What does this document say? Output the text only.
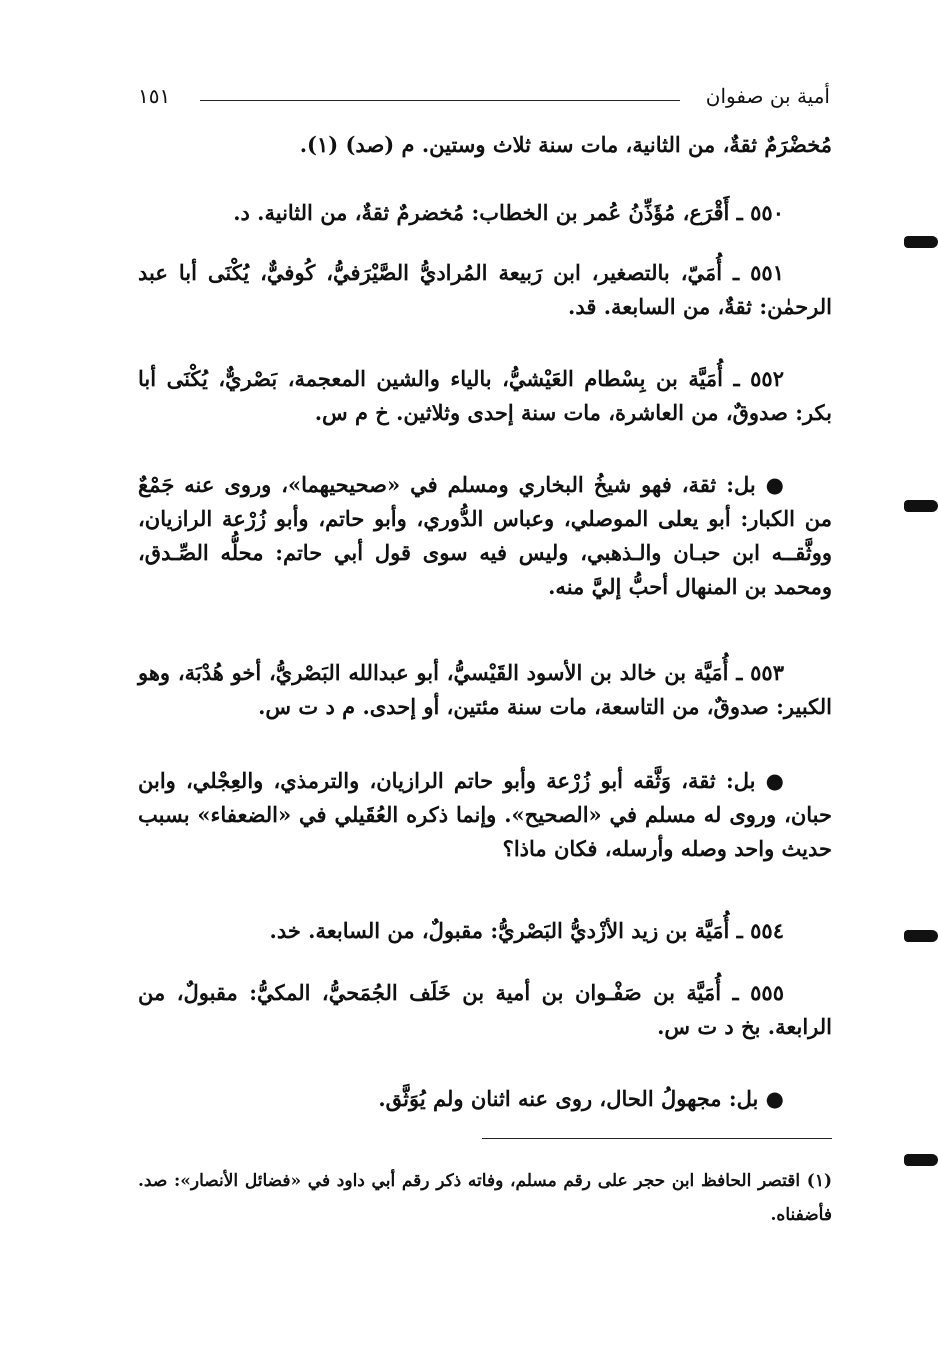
أمية بن صفوان
١٥١
مُخضْرَمٌ ثقةٌ، من الثانية، مات سنة ثلاث وستين. م (صد) (١).
٥٥٠ ـ أَقْرَع، مُؤَذِّنُ عُمر بن الخطاب: مُخضرمٌ ثقةٌ، من الثانية. د.
٥٥١ ـ أُمَيّ، بالتصغير، ابن رَبيعة المُراديُّ الصَّيْرَفيُّ، كُوفيٌّ، يُكْنَى أبا عبد الرحمٰن: ثقةٌ، من السابعة. قد.
٥٥٢ ـ أُمَيَّة بن بِسْطام العَيْشيُّ، بالياء والشين المعجمة، بَصْريٌّ، يُكْنَى أبا بكر: صدوقٌ، من العاشرة، مات سنة إحدى وثلاثين. خ م س.
● بل: ثقة، فهو شيخُ البخاري ومسلم في «صحيحيهما»، وروى عنه جَمْعٌ من الكبار: أبو يعلى الموصلي، وعباس الدُّوري، وأبو حاتم، وأبو زُرْعة الرازيان، ووثَّقــه ابن حبـان والـذهبي، وليس فيه سوى قول أبي حاتم: محلُّه الصِّـدق، ومحمد بن المنهال أحبُّ إليَّ منه.
٥٥٣ ـ أُمَيَّة بن خالد بن الأسود القَيْسيُّ، أبو عبدالله البَصْريُّ، أخو هُدْبَة، وهو الكبير: صدوقٌ، من التاسعة، مات سنة مئتين، أو إحدى. م د ت س.
● بل: ثقة، وَثَّقه أبو زُرْعة وأبو حاتم الرازيان، والترمذي، والعِجْلي، وابن حبان، وروى له مسلم في «الصحيح». وإنما ذكره العُقَيلي في «الضعفاء» بسبب حديث واحد وصله وأرسله، فكان ماذا؟
٥٥٤ ـ أُمَيَّة بن زيد الأزْديُّ البَصْريُّ: مقبولٌ، من السابعة. خد.
٥٥٥ ـ أُمَيَّة بن صَفْـوان بن أمية بن خَلَف الجُمَحيُّ، المكيُّ: مقبولٌ، من الرابعة. بخ د ت س.
● بل: مجهولُ الحال، روى عنه اثنان ولم يُوَثَّق.
(١) اقتصر الحافظ ابن حجر على رقم مسلم، وفاته ذكر رقم أبي داود في «فضائل الأنصار»: صد. فأضفناه.
